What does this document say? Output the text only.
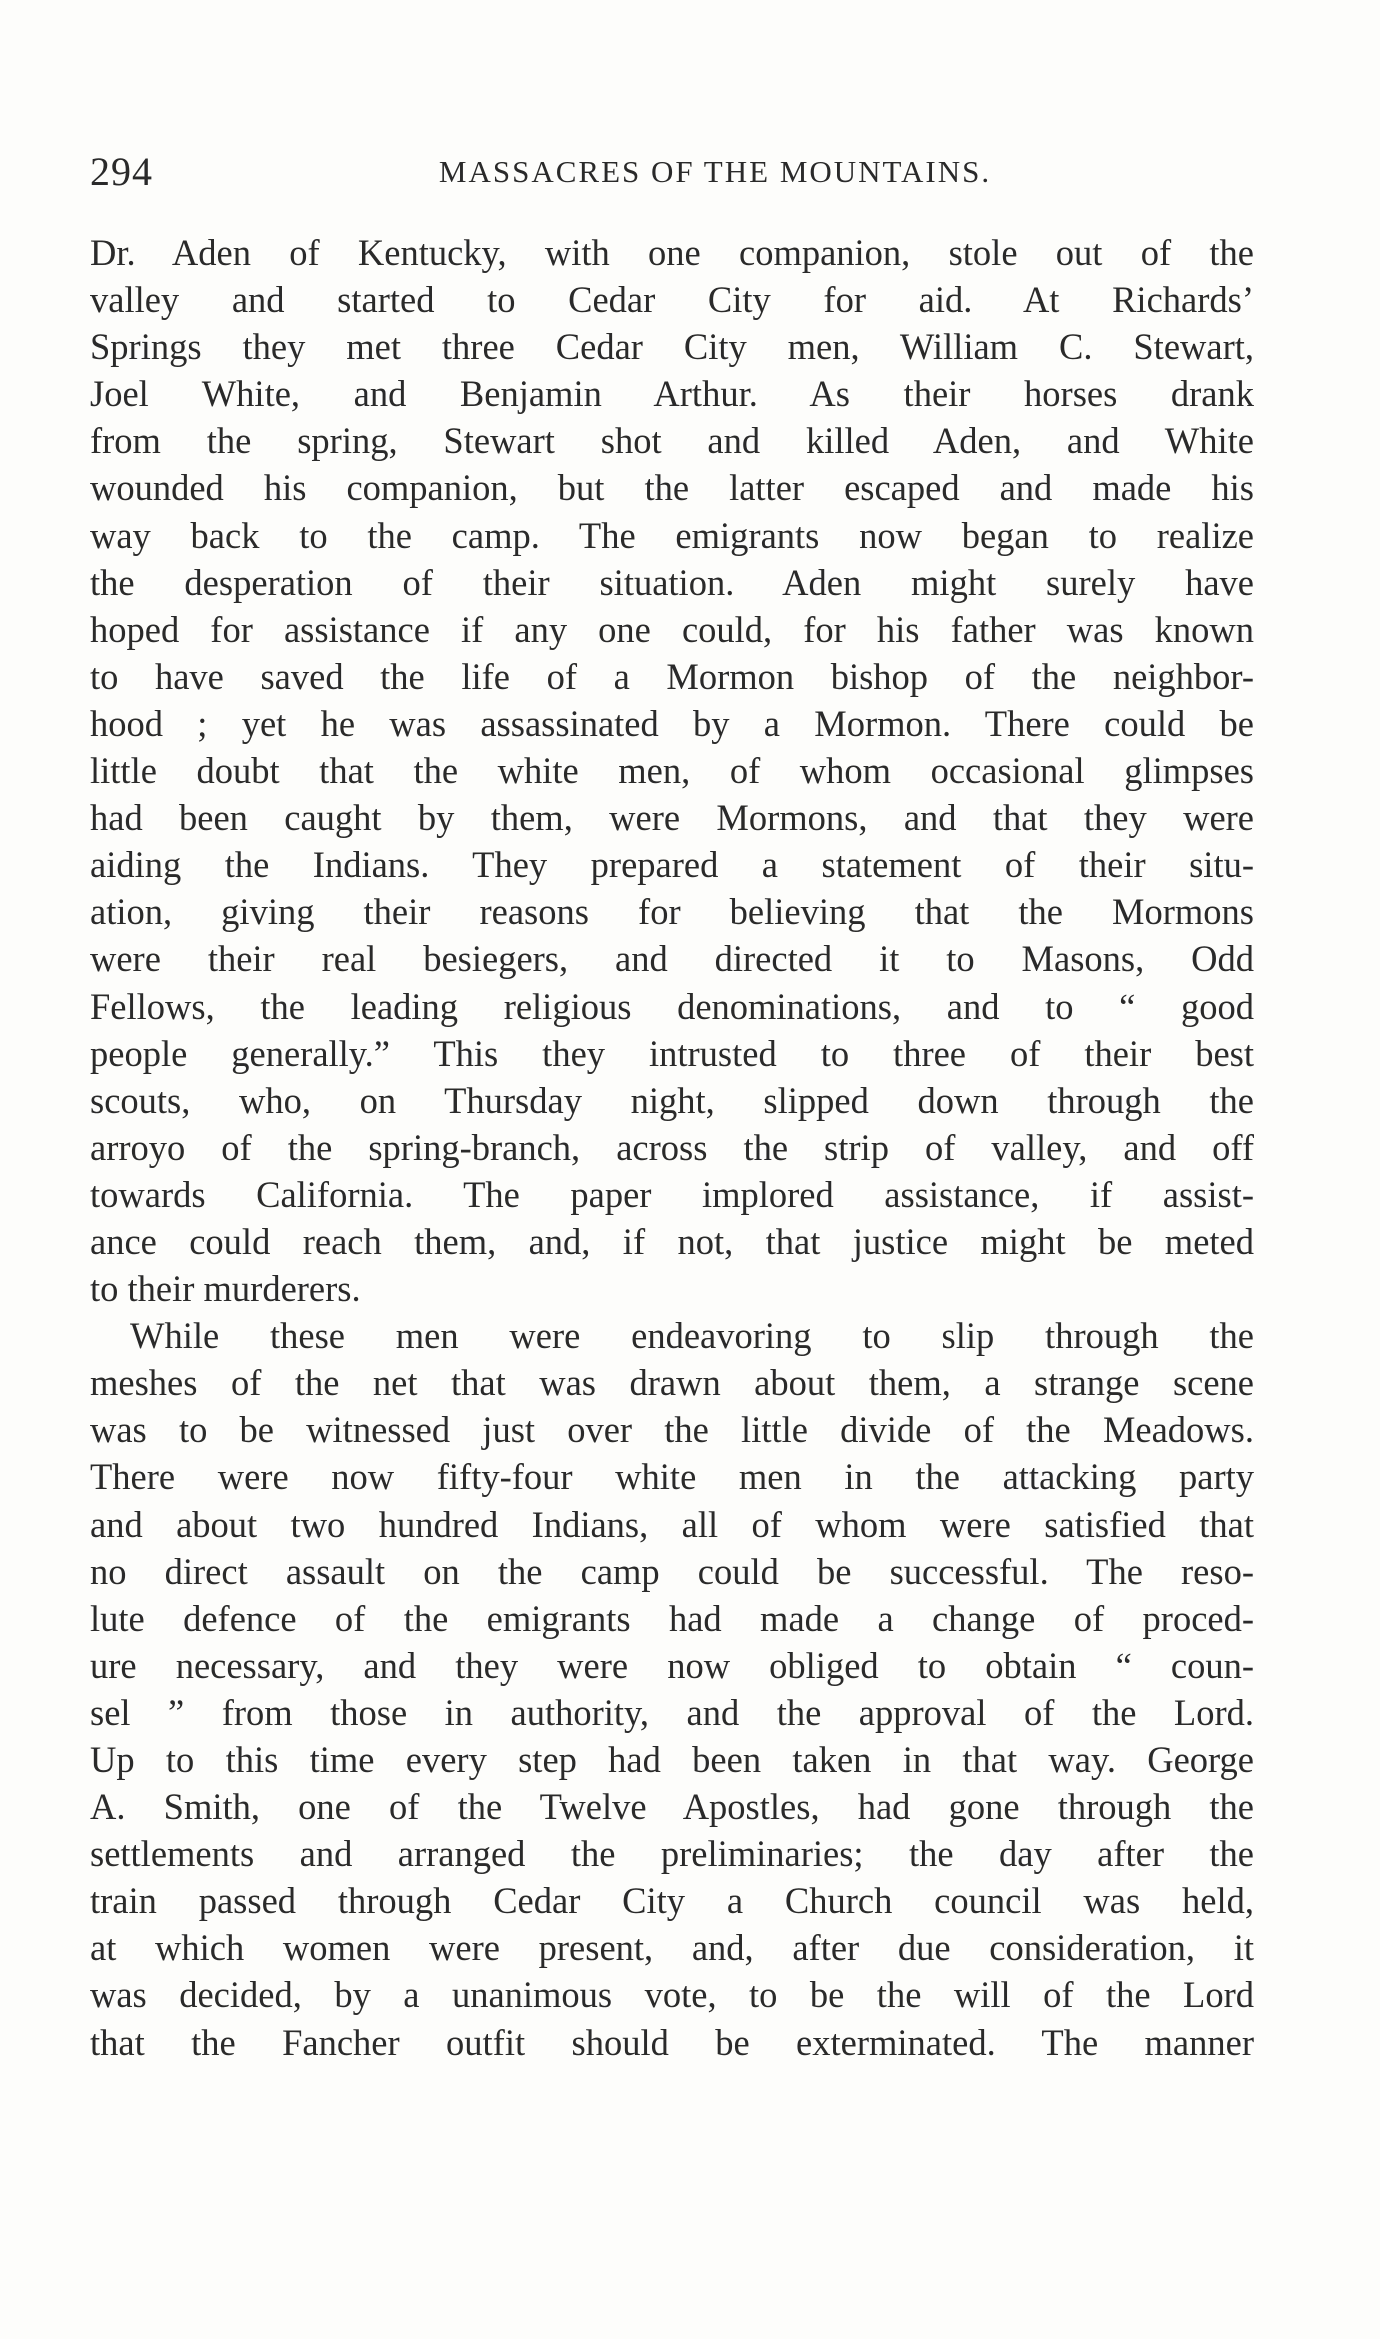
294	MASSACRES OF THE MOUNTAINS.
Dr. Aden of Kentucky, with one companion, stole out of the
valley and started to Cedar City for aid. At Richards’
Springs they met three Cedar City men, William C. Stewart,
Joel White, and Benjamin Arthur. As their horses drank
from the spring, Stewart shot and killed Aden, and White
wounded his companion, but the latter escaped and made his
way back to the camp. The emigrants now began to realize
the desperation of their situation. Aden might surely have
hoped for assistance if any one could, for his father was known
to have saved the life of a Mormon bishop of the neighbor-
hood ; yet he was assassinated by a Mormon. There could be
little doubt that the white men, of whom occasional glimpses
had been caught by them, were Mormons, and that they were
aiding the Indians. They prepared a statement of their situ-
ation, giving their reasons for believing that the Mormons
were their real besiegers, and directed it to Masons, Odd
Fellows, the leading religious denominations, and to “ good
people generally.” This they intrusted to three of their best
scouts, who, on Thursday night, slipped down through the
arroyo of the spring-branch, across the strip of valley, and off
towards California. The paper implored assistance, if assist-
ance could reach them, and, if not, that justice might be meted
to their murderers.
While these men were endeavoring to slip through the
meshes of the net that was drawn about them, a strange scene
was to be witnessed just over the little divide of the Meadows.
There were now fifty-four white men in the attacking party
and about two hundred Indians, all of whom were satisfied that
no direct assault on the camp could be successful. The reso-
lute defence of the emigrants had made a change of proced-
ure necessary, and they were now obliged to obtain “ coun-
sel ” from those in authority, and the approval of the Lord.
Up to this time every step had been taken in that way. George
A. Smith, one of the Twelve Apostles, had gone through the
settlements and arranged the preliminaries; the day after the
train passed through Cedar City a Church council was held,
at which women were present, and, after due consideration, it
was decided, by a unanimous vote, to be the will of the Lord
that the Fancher outfit should be exterminated. The manner
